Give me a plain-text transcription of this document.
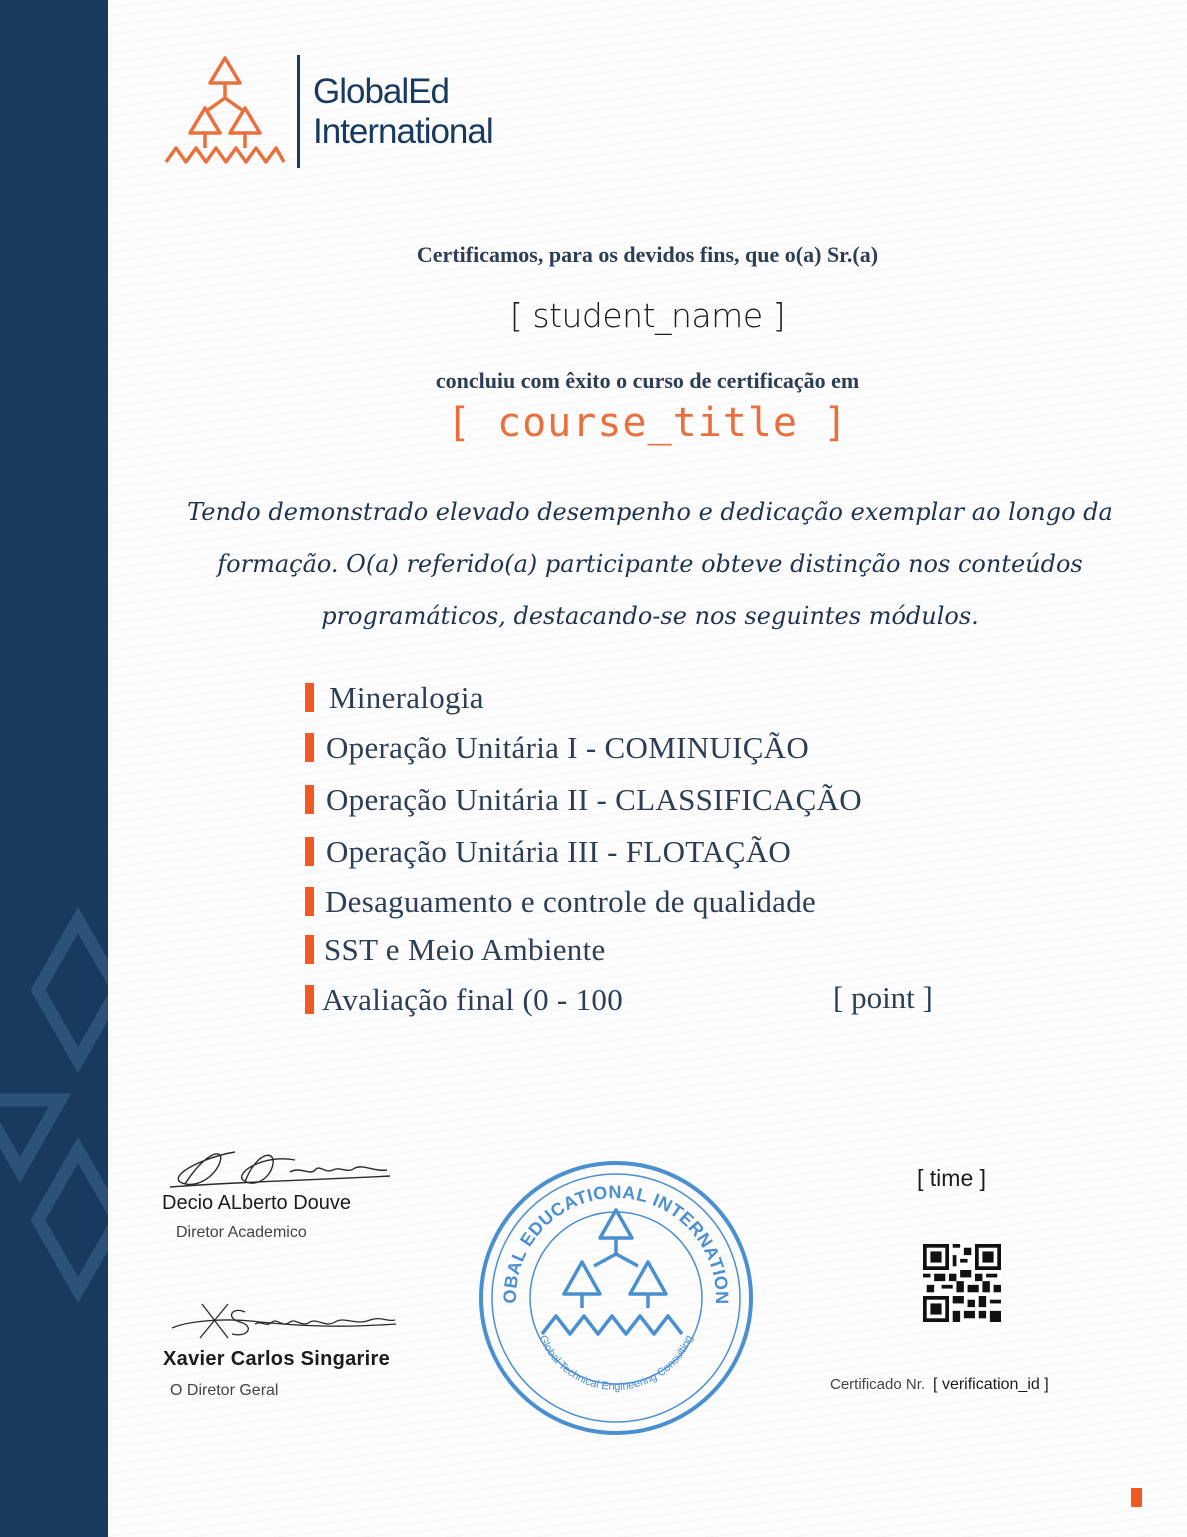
GlobalEd
International
Certificamos, para os devidos fins, que o(a) Sr.(a)
[ student_name ]
concluiu com êxito o curso de certificação em
[ course_title ]
Tendo demonstrado elevado desempenho e dedicação exemplar ao longo da formação. O(a) referido(a) participante obteve distinção nos conteúdos programáticos, destacando-se nos seguintes módulos.
Mineralogia
Operação Unitária I - COMINUIÇÃO
Operação Unitária II - CLASSIFICAÇÃO
Operação Unitária III - FLOTAÇÃO
Desaguamento e controle de qualidade
SST e Meio Ambiente
Avaliação final (0 - 100	[ point ]
Decio ALberto Douve
Diretor Academico
Xavier Carlos Singarire
O Diretor Geral
OBAL EDUCATIONAL INTERNATION
Global Technical Engineering Consulting
[ time ]
Certificado Nr. [ verification_id ]
